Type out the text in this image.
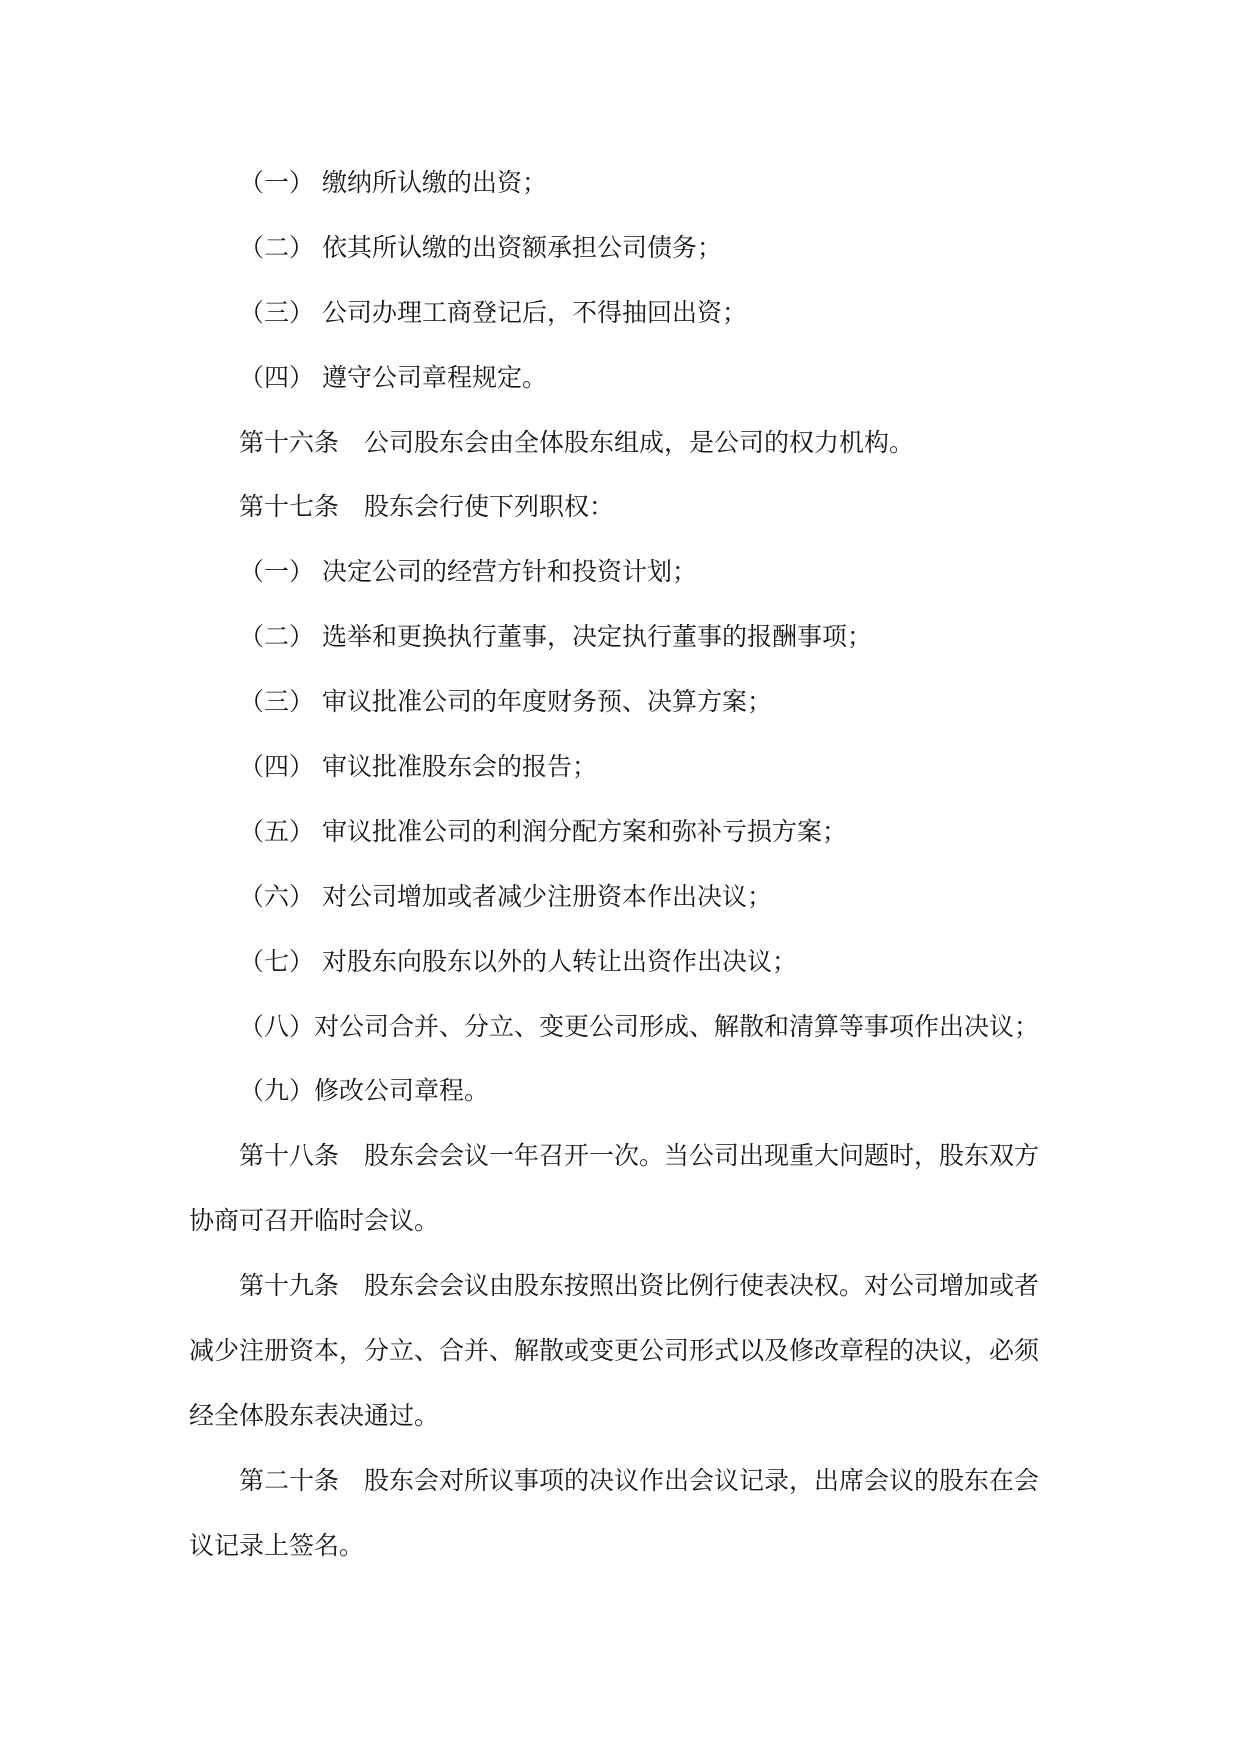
（一） 缴纳所认缴的出资；
（二） 依其所认缴的出资额承担公司债务；
（三） 公司办理工商登记后，不得抽回出资；
（四） 遵守公司章程规定。
第十六条　公司股东会由全体股东组成，是公司的权力机构。
第十七条　股东会行使下列职权：
（一） 决定公司的经营方针和投资计划；
（二） 选举和更换执行董事，决定执行董事的报酬事项；
（三） 审议批准公司的年度财务预、决算方案；
（四） 审议批准股东会的报告；
（五） 审议批准公司的利润分配方案和弥补亏损方案；
（六） 对公司增加或者减少注册资本作出决议；
（七） 对股东向股东以外的人转让出资作出决议；
（八）对公司合并、分立、变更公司形成、解散和清算等事项作出决议；
（九）修改公司章程。
第十八条　股东会会议一年召开一次。当公司出现重大问题时，股东双方
协商可召开临时会议。
第十九条　股东会会议由股东按照出资比例行使表决权。对公司增加或者
减少注册资本，分立、合并、解散或变更公司形式以及修改章程的决议，必须
经全体股东表决通过。
第二十条　股东会对所议事项的决议作出会议记录，出席会议的股东在会
议记录上签名。
